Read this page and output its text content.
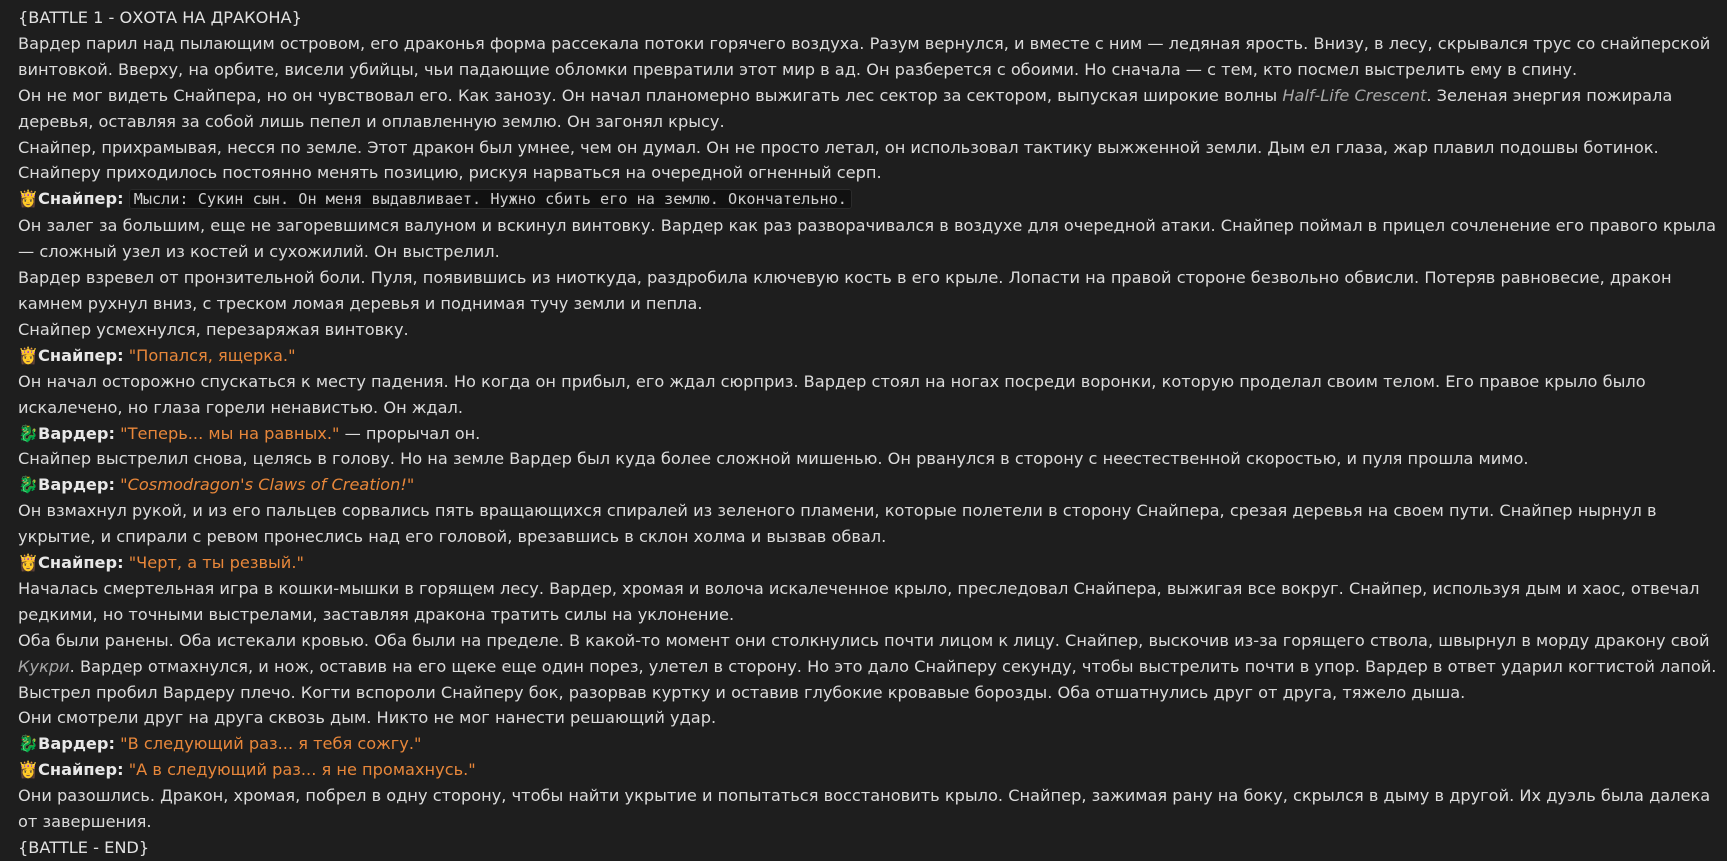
{BATTLE 1 - ОХОТА НА ДРАКОНА}

Вардер парил над пылающим островом, его драконья форма рассекала потоки горячего воздуха. Разум вернулся, и вместе с ним — ледяная ярость. Внизу, в лесу, скрывался трус со снайперской винтовкой. Вверху, на орбите, висели убийцы, чьи падающие обломки превратили этот мир в ад. Он разберется с обоими. Но сначала — с тем, кто посмел выстрелить ему в спину.

Он не мог видеть Снайпера, но он чувствовал его. Как занозу. Он начал планомерно выжигать лес сектор за сектором, выпуская широкие волны Half-Life Crescent. Зеленая энергия пожирала деревья, оставляя за собой лишь пепел и оплавленную землю. Он загонял крысу.

Снайпер, прихрамывая, несся по земле. Этот дракон был умнее, чем он думал. Он не просто летал, он использовал тактику выжженной земли. Дым ел глаза, жар плавил подошвы ботинок. Снайперу приходилось постоянно менять позицию, рискуя нарваться на очередной огненный серп.

👸Снайпер: Мысли: Сукин сын. Он меня выдавливает. Нужно сбить его на землю. Окончательно.

Он залег за большим, еще не загоревшимся валуном и вскинул винтовку. Вардер как раз разворачивался в воздухе для очередной атаки. Снайпер поймал в прицел сочленение его правого крыла — сложный узел из костей и сухожилий. Он выстрелил.

Вардер взревел от пронзительной боли. Пуля, появившись из ниоткуда, раздробила ключевую кость в его крыле. Лопасти на правой стороне безвольно обвисли. Потеряв равновесие, дракон камнем рухнул вниз, с треском ломая деревья и поднимая тучу земли и пепла.

Снайпер усмехнулся, перезаряжая винтовку.

👸Снайпер: "Попался, ящерка."

Он начал осторожно спускаться к месту падения. Но когда он прибыл, его ждал сюрприз. Вардер стоял на ногах посреди воронки, которую проделал своим телом. Его правое крыло было искалечено, но глаза горели ненавистью. Он ждал.

🐉Вардер: "Теперь... мы на равных." — прорычал он.

Снайпер выстрелил снова, целясь в голову. Но на земле Вардер был куда более сложной мишенью. Он рванулся в сторону с неестественной скоростью, и пуля прошла мимо.

🐉Вардер: "Cosmodragon's Claws of Creation!"

Он взмахнул рукой, и из его пальцев сорвались пять вращающихся спиралей из зеленого пламени, которые полетели в сторону Снайпера, срезая деревья на своем пути. Снайпер нырнул в укрытие, и спирали с ревом пронеслись над его головой, врезавшись в склон холма и вызвав обвал.

👸Снайпер: "Черт, а ты резвый."

Началась смертельная игра в кошки-мышки в горящем лесу. Вардер, хромая и волоча искалеченное крыло, преследовал Снайпера, выжигая все вокруг. Снайпер, используя дым и хаос, отвечал редкими, но точными выстрелами, заставляя дракона тратить силы на уклонение.

Оба были ранены. Оба истекали кровью. Оба были на пределе. В какой-то момент они столкнулись почти лицом к лицу. Снайпер, выскочив из-за горящего ствола, швырнул в морду дракону свой Кукри. Вардер отмахнулся, и нож, оставив на его щеке еще один порез, улетел в сторону. Но это дало Снайперу секунду, чтобы выстрелить почти в упор. Вардер в ответ ударил когтистой лапой. Выстрел пробил Вардеру плечо. Когти вспороли Снайперу бок, разорвав куртку и оставив глубокие кровавые борозды. Оба отшатнулись друг от друга, тяжело дыша.

Они смотрели друг на друга сквозь дым. Никто не мог нанести решающий удар.

🐉Вардер: "В следующий раз... я тебя сожгу."

👸Снайпер: "А в следующий раз... я не промахнусь."

Они разошлись. Дракон, хромая, побрел в одну сторону, чтобы найти укрытие и попытаться восстановить крыло. Снайпер, зажимая рану на боку, скрылся в дыму в другой. Их дуэль была далека от завершения.

{BATTLE - END}
